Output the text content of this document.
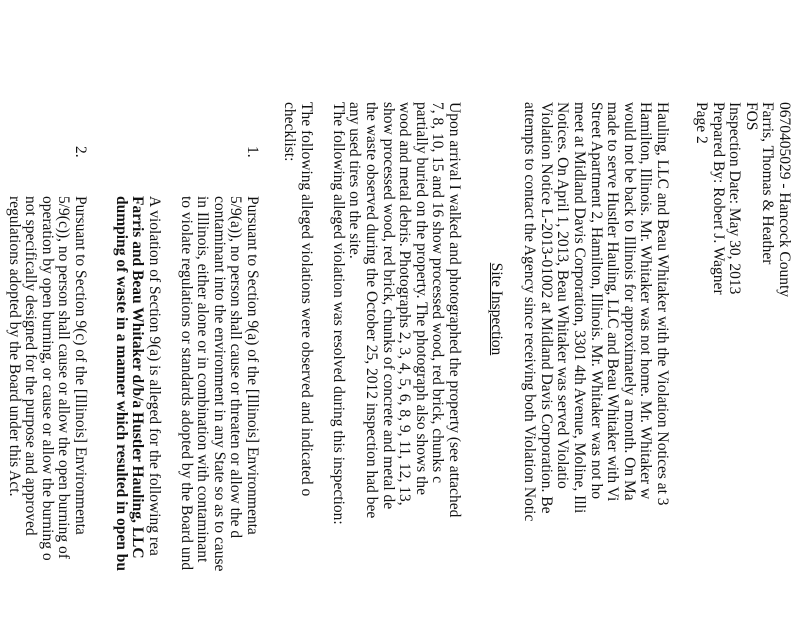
0670405029 - Hancock County
Farris, Thomas & Heather
FOS
Inspection Date: May 30, 2013
Prepared By: Robert J. Wagner
Page 2
Hauling, LLC and Beau Whitaker with the Violation Notices at 3
Hamilton, Illinois. Mr. Whitaker was not home. Mr. Whitaker w
would not be back to Illinois for approximately a month. On Ma
made to serve Hustler Hauling, LLC and Beau Whitaker with Vi
Street Apartment 2, Hamilton, Illinois. Mr. Whitaker was not ho
meet at Midland Davis Corporation, 3301 4th Avenue, Moline, Illi
Notices. On April 1, 2013, Beau Whitaker was served Violatio
Violation Notice L-2013-01002 at Midland Davis Corporation. Be
attempts to contact the Agency since receiving both Violation Notic
Site Inspection
Upon arrival I walked and photographed the property (see attached
7, 8, 10, 15 and 16 show processed wood, red brick, chunks c
partially buried on the property. The photograph also shows the
wood and metal debris. Photographs 2, 3, 4, 5, 6, 8, 9, 11, 12, 13,
show processed wood, red brick, chunks of concrete and metal de
the waste observed during the October 25, 2012 inspection had bee
any used tires on the site.
The following alleged violation was resolved during this inspection:
The following alleged violations were observed and indicated o
checklist:
1.
Pursuant to Section 9(a) of the [Illinois] Environmenta
5/9(a)), no person shall cause or threaten or allow the d
contaminant into the environment in any State so as to cause
in Illinois, either alone or in combination with contaminant
to violate regulations or standards adopted by the Board und
A violation of Section 9(a) is alleged for the following rea
Farris and Beau Whitaker d/b/a Hustler Hauling, LLC
dumping of waste in a manner which resulted in open bu
2.
Pursuant to Section 9(c) of the [Illinois] Environmenta
5/9(c)), no person shall cause or allow the open burning of
operation by open burning, or cause or allow the burning o
not specifically designed for the purpose and approved
regulations adopted by the Board under this Act.
